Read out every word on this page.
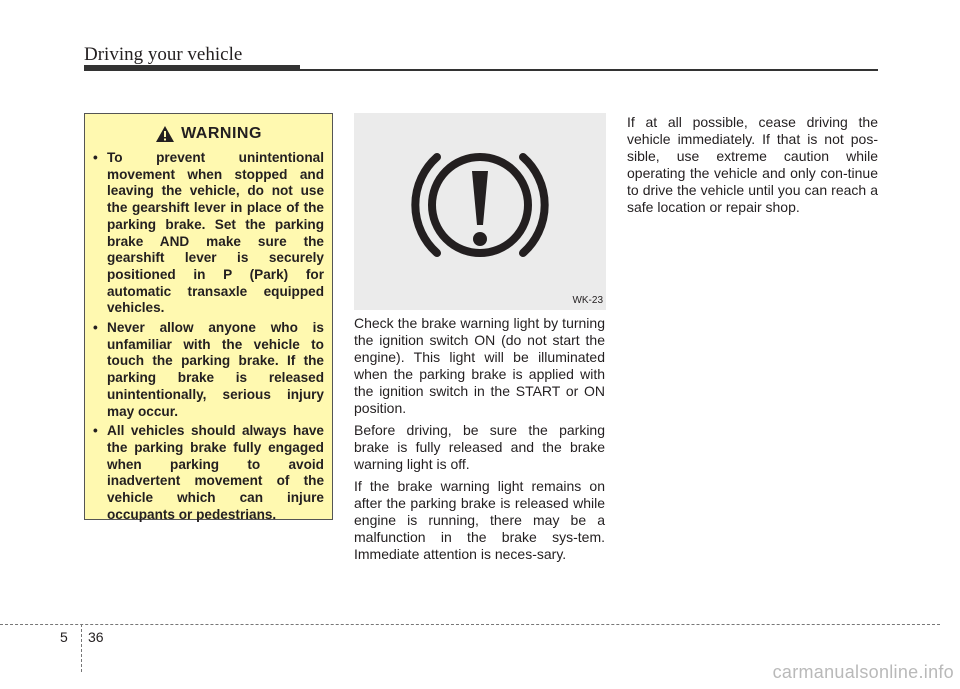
Driving your vehicle
WARNING
• To prevent unintentional movement when stopped and leaving the vehicle, do not use the gearshift lever in place of the parking brake. Set the parking brake AND make sure the gearshift lever is securely positioned in P (Park) for automatic transaxle equipped vehicles.
• Never allow anyone who is unfamiliar with the vehicle to touch the parking brake. If the parking brake is released unintentionally, serious injury may occur.
• All vehicles should always have the parking brake fully engaged when parking to avoid inadvertent movement of the vehicle which can injure occupants or pedestrians.
WK-23

Check the brake warning light by turning the ignition switch ON (do not start the engine). This light will be illuminated when the parking brake is applied with the ignition switch in the START or ON position.

Before driving, be sure the parking brake is fully released and the brake warning light is off.

If the brake warning light remains on after the parking brake is released while engine is running, there may be a malfunction in the brake sys-tem. Immediate attention is neces-sary.

If at all possible, cease driving the vehicle immediately. If that is not pos-sible, use extreme caution while operating the vehicle and only con-tinue to drive the vehicle until you can reach a safe location or repair shop.

5 36
carmanualsonline.info
